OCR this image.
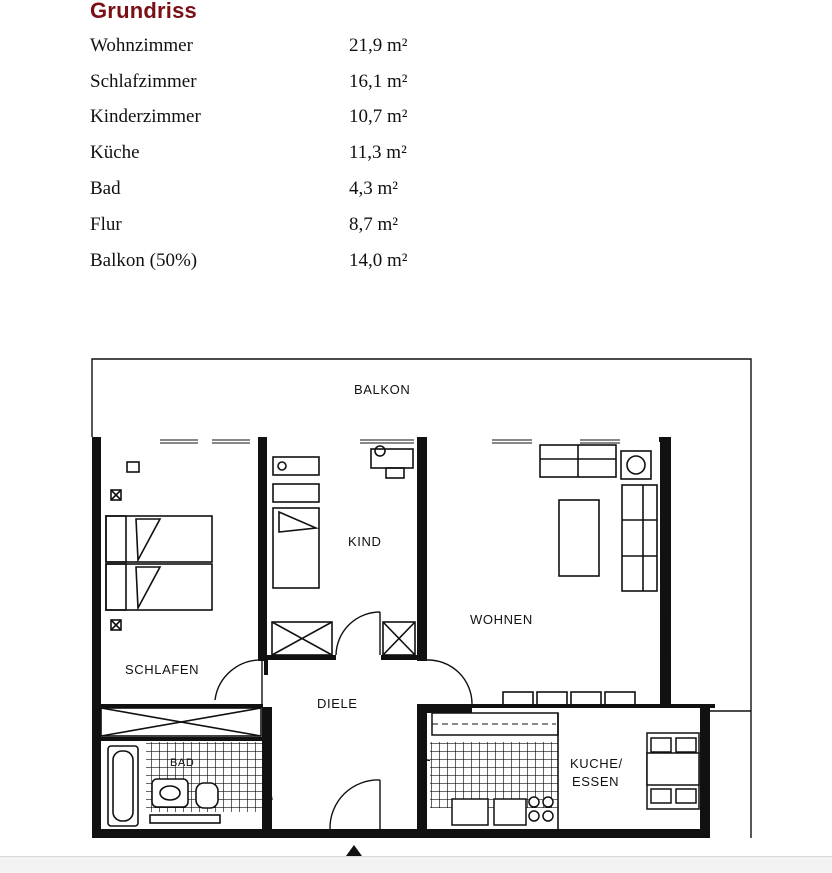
Grundriss
Wohnzimmer	21,9 m²
Schlafzimmer	16,1 m²
Kinderzimmer	10,7 m²
Küche	11,3 m²
Bad	4,3 m²
Flur	8,7 m²
Balkon (50%)	14,0 m²
BALKON
KIND
WOHNEN
SCHLAFEN
DIELE
BAD	KUCHE/
ESSEN
